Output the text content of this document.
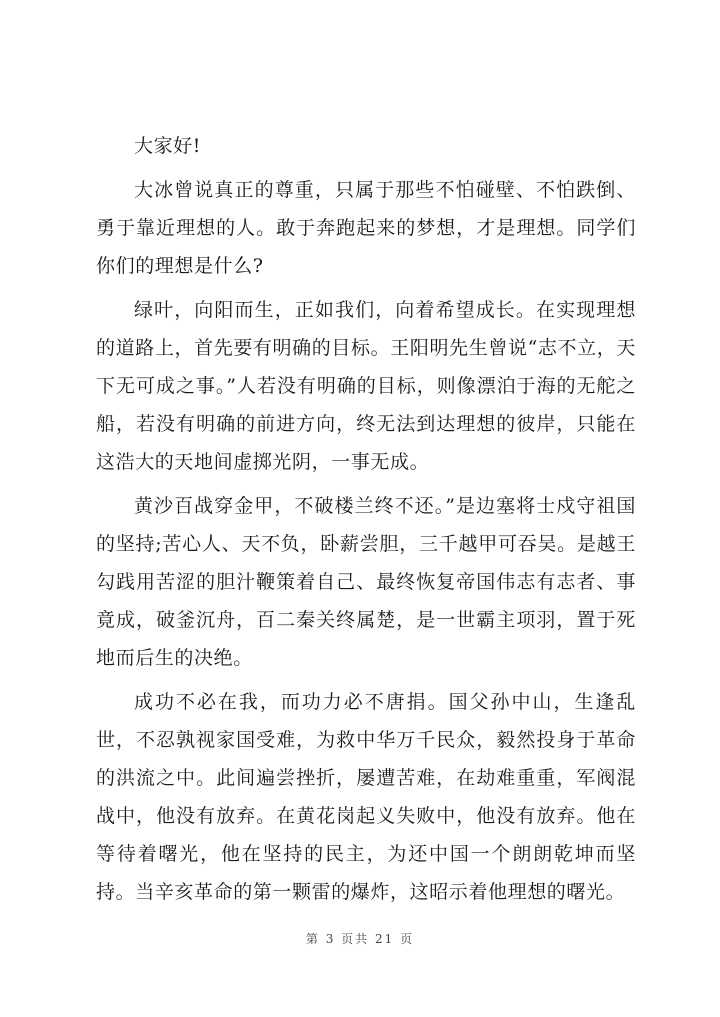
大家好!

大冰曾说真正的尊重，只属于那些不怕碰壁、不怕跌倒、勇于靠近理想的人。敢于奔跑起来的梦想，才是理想。同学们你们的理想是什么?

绿叶，向阳而生，正如我们，向着希望成长。在实现理想的道路上，首先要有明确的目标。王阳明先生曾说“志不立，天下无可成之事。”人若没有明确的目标，则像漂泊于海的无舵之船，若没有明确的前进方向，终无法到达理想的彼岸，只能在这浩大的天地间虚掷光阴，一事无成。

黄沙百战穿金甲，不破楼兰终不还。”是边塞将士戍守祖国的坚持;苦心人、天不负，卧薪尝胆，三千越甲可吞吴。是越王勾践用苦涩的胆汁鞭策着自己、最终恢复帝国伟志有志者、事竟成，破釜沉舟，百二秦关终属楚，是一世霸主项羽，置于死地而后生的决绝。

成功不必在我，而功力必不唐捐。国父孙中山，生逢乱世，不忍孰视家国受难，为救中华万千民众，毅然投身于革命的洪流之中。此间遍尝挫折，屡遭苦难，在劫难重重，军阀混战中，他没有放弃。在黄花岗起义失败中，他没有放弃。他在等待着曙光，他在坚持的民主，为还中国一个朗朗乾坤而坚持。当辛亥革命的第一颗雷的爆炸，这昭示着他理想的曙光。

第 3 页共 21 页
